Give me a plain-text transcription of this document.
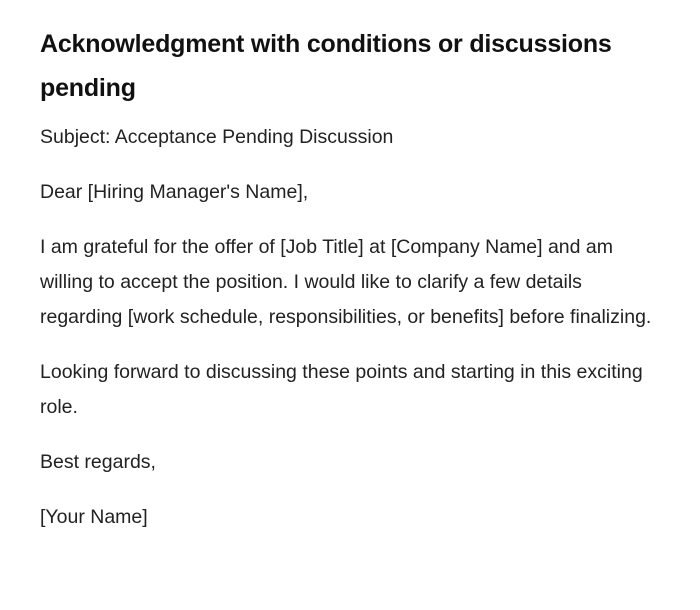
Acknowledgment with conditions or discussions pending

Subject: Acceptance Pending Discussion

Dear [Hiring Manager's Name],

I am grateful for the offer of [Job Title] at [Company Name] and am willing to accept the position. I would like to clarify a few details regarding [work schedule, responsibilities, or benefits] before finalizing.

Looking forward to discussing these points and starting in this exciting role.

Best regards,

[Your Name]
